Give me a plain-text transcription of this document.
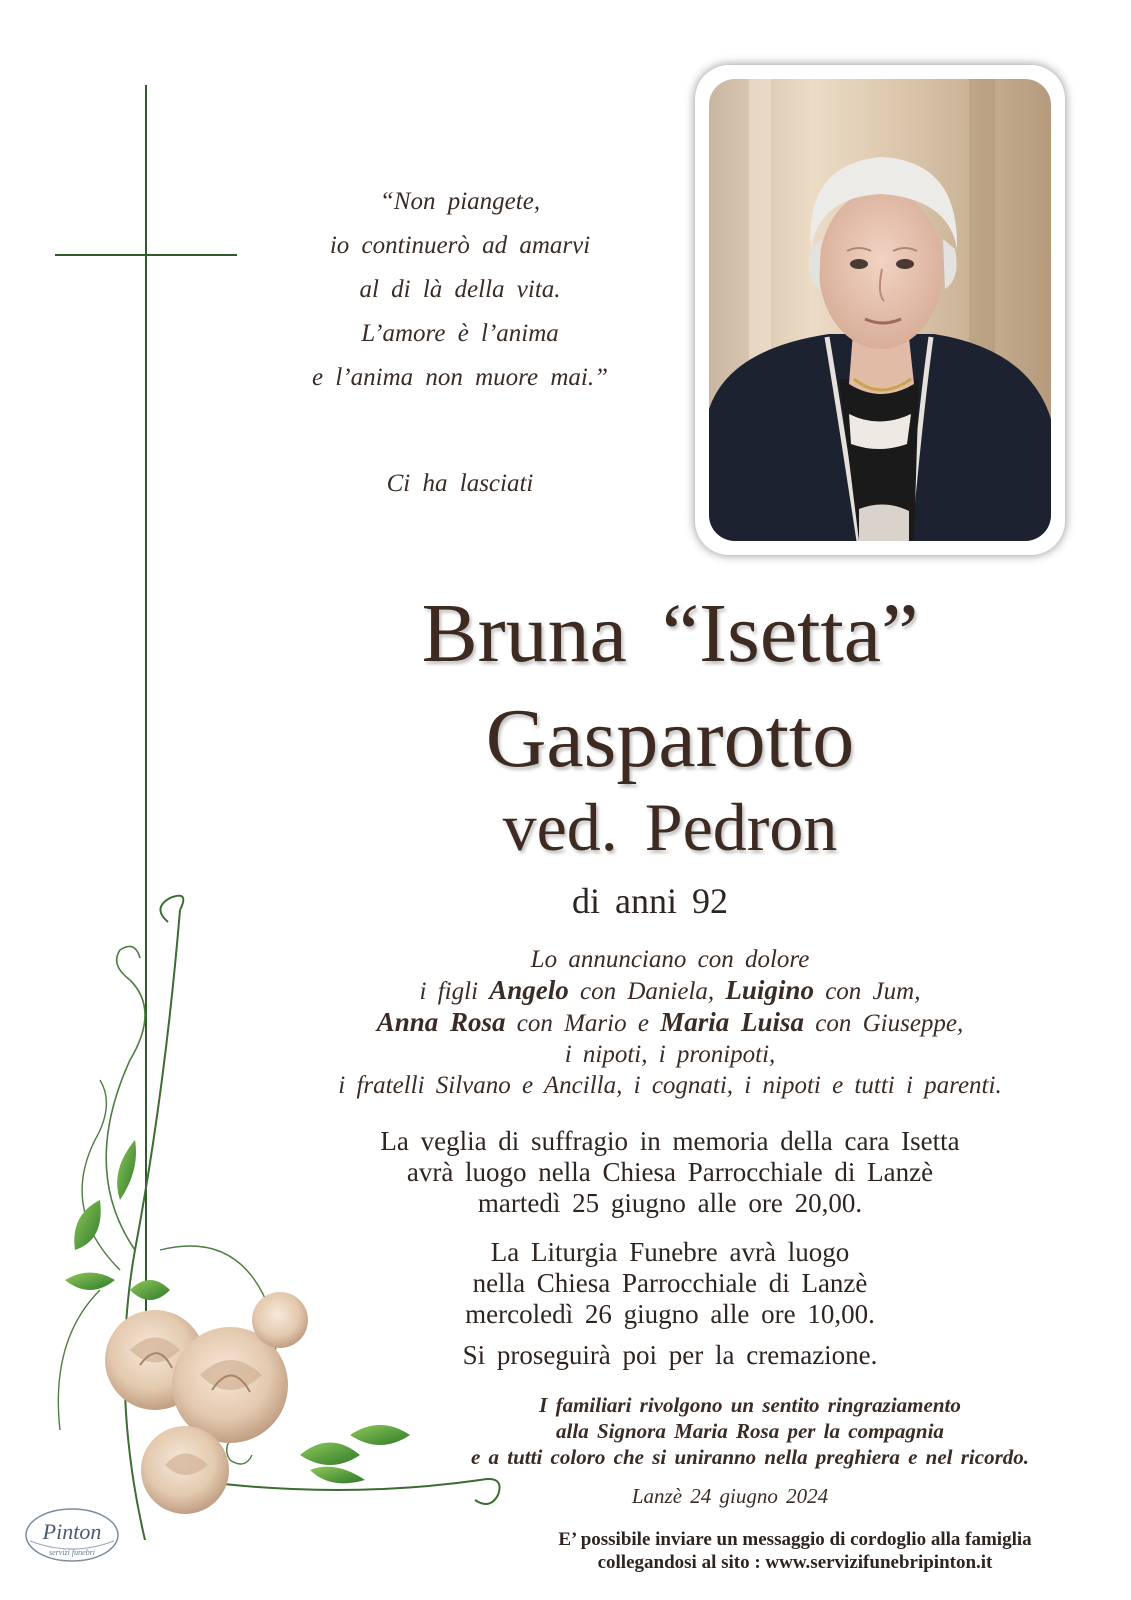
“Non piangete,
io continuerò ad amarvi
al di là della vita.
L’amore è l’anima
e l’anima non muore mai.”
Ci ha lasciati
Bruna “Isetta”
Gasparotto
ved. Pedron
di anni 92
Lo annunciano con dolore
i figli Angelo con Daniela, Luigino con Jum,
Anna Rosa con Mario e Maria Luisa con Giuseppe,
i nipoti, i pronipoti,
i fratelli Silvano e Ancilla, i cognati, i nipoti e tutti i parenti.
La veglia di suffragio in memoria della cara Isetta
avrà luogo nella Chiesa Parrocchiale di Lanzè
martedì 25 giugno alle ore 20,00.
La Liturgia Funebre avrà luogo
nella Chiesa Parrocchiale di Lanzè
mercoledì 26 giugno alle ore 10,00.
Si proseguirà poi per la cremazione.
I familiari rivolgono un sentito ringraziamento
alla Signora Maria Rosa per la compagnia
e a tutti coloro che si uniranno nella preghiera e nel ricordo.
Lanzè 24 giugno 2024
E’ possibile inviare un messaggio di cordoglio alla famiglia
collegandosi al sito : www.servizifunebripinton.it
Pinton
servizi funebri
